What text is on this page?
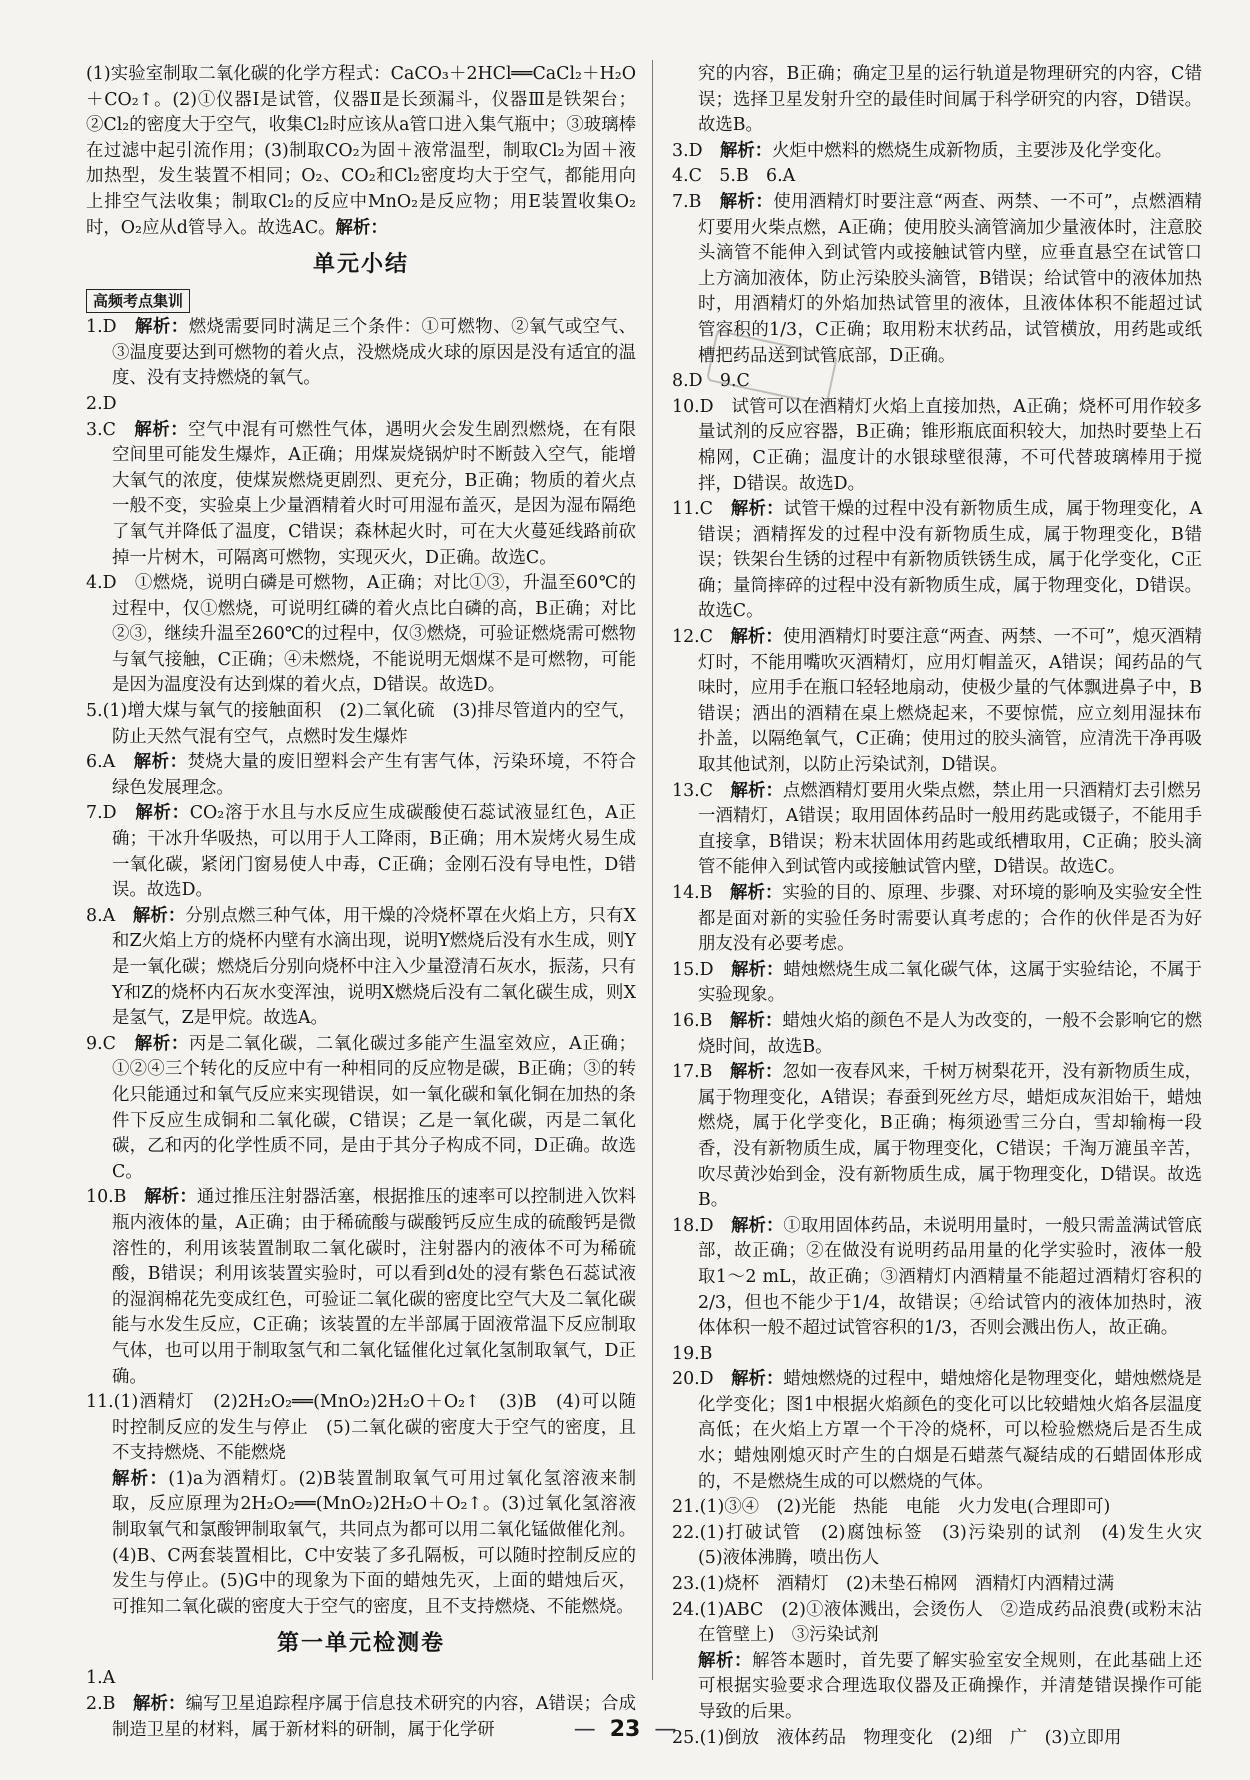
(1)实验室制取二氧化碳的化学方程式：CaCO₃＋2HCl══CaCl₂＋H₂O＋CO₂↑。(2)①仪器Ⅰ是试管，仪器Ⅱ是长颈漏斗，仪器Ⅲ是铁架台；②Cl₂的密度大于空气，收集Cl₂时应该从a管口进入集气瓶中；③玻璃棒在过滤中起引流作用；(3)制取CO₂为固＋液常温型，制取Cl₂为固＋液加热型，发生装置不相同；O₂、CO₂和Cl₂密度均大于空气，都能用向上排空气法收集；制取Cl₂的反应中MnO₂是反应物；用E装置收集O₂时，O₂应从d管导入。故选AC。解析：

单元小结
高频考点集训

1.D　解析：燃烧需要同时满足三个条件：①可燃物、②氧气或空气、③温度要达到可燃物的着火点，没燃烧成火球的原因是没有适宜的温度、没有支持燃烧的氧气。

2.D

3.C　解析：空气中混有可燃性气体，遇明火会发生剧烈燃烧，在有限空间里可能发生爆炸，A正确；用煤炭烧锅炉时不断鼓入空气，能增大氧气的浓度，使煤炭燃烧更剧烈、更充分，B正确；物质的着火点一般不变，实验桌上少量酒精着火时可用湿布盖灭，是因为湿布隔绝了氧气并降低了温度，C错误；森林起火时，可在大火蔓延线路前砍掉一片树木，可隔离可燃物，实现灭火，D正确。故选C。

4.D　①燃烧，说明白磷是可燃物，A正确；对比①③，升温至60℃的过程中，仅①燃烧，可说明红磷的着火点比白磷的高，B正确；对比②③，继续升温至260℃的过程中，仅③燃烧，可验证燃烧需可燃物与氧气接触，C正确；④未燃烧，不能说明无烟煤不是可燃物，可能是因为温度没有达到煤的着火点，D错误。故选D。

5.(1)增大煤与氧气的接触面积　(2)二氧化硫　(3)排尽管道内的空气，防止天然气混有空气，点燃时发生爆炸

6.A　解析：焚烧大量的废旧塑料会产生有害气体，污染环境，不符合绿色发展理念。

7.D　解析：CO₂溶于水且与水反应生成碳酸使石蕊试液显红色，A正确；干冰升华吸热，可以用于人工降雨，B正确；用木炭烤火易生成一氧化碳，紧闭门窗易使人中毒，C正确；金刚石没有导电性，D错误。故选D。

8.A　解析：分别点燃三种气体，用干燥的冷烧杯罩在火焰上方，只有X和Z火焰上方的烧杯内壁有水滴出现，说明Y燃烧后没有水生成，则Y是一氧化碳；燃烧后分别向烧杯中注入少量澄清石灰水，振荡，只有Y和Z的烧杯内石灰水变浑浊，说明X燃烧后没有二氧化碳生成，则X是氢气，Z是甲烷。故选A。

9.C　解析：丙是二氧化碳，二氧化碳过多能产生温室效应，A正确；①②④三个转化的反应中有一种相同的反应物是碳，B正确；③的转化只能通过和氧气反应来实现错误，如一氧化碳和氧化铜在加热的条件下反应生成铜和二氧化碳，C错误；乙是一氧化碳，丙是二氧化碳，乙和丙的化学性质不同，是由于其分子构成不同，D正确。故选C。

10.B　解析：通过推压注射器活塞，根据推压的速率可以控制进入饮料瓶内液体的量，A正确；由于稀硫酸与碳酸钙反应生成的硫酸钙是微溶性的，利用该装置制取二氧化碳时，注射器内的液体不可为稀硫酸，B错误；利用该装置实验时，可以看到d处的浸有紫色石蕊试液的湿润棉花先变成红色，可验证二氧化碳的密度比空气大及二氧化碳能与水发生反应，C正确；该装置的左半部属于固液常温下反应制取气体，也可以用于制取氢气和二氧化锰催化过氧化氢制取氧气，D正确。

11.(1)酒精灯　(2)2H₂O₂══(MnO₂)2H₂O＋O₂↑　(3)B　(4)可以随时控制反应的发生与停止　(5)二氧化碳的密度大于空气的密度，且不支持燃烧、不能燃烧

解析：(1)a为酒精灯。(2)B装置制取氧气可用过氧化氢溶液来制取，反应原理为2H₂O₂══(MnO₂)2H₂O＋O₂↑。(3)过氧化氢溶液制取氧气和氯酸钾制取氧气，共同点为都可以用二氧化锰做催化剂。(4)B、C两套装置相比，C中安装了多孔隔板，可以随时控制反应的发生与停止。(5)G中的现象为下面的蜡烛先灭，上面的蜡烛后灭，可推知二氧化碳的密度大于空气的密度，且不支持燃烧、不能燃烧。

第一单元检测卷

1.A

2.B　解析：编写卫星追踪程序属于信息技术研究的内容，A错误；合成制造卫星的材料，属于新材料的研制，属于化学研

究的内容，B正确；确定卫星的运行轨道是物理研究的内容，C错误；选择卫星发射升空的最佳时间属于科学研究的内容，D错误。故选B。

3.D　解析：火炬中燃料的燃烧生成新物质，主要涉及化学变化。

4.C　5.B　6.A

7.B　解析：使用酒精灯时要注意“两查、两禁、一不可”，点燃酒精灯要用火柴点燃，A正确；使用胶头滴管滴加少量液体时，注意胶头滴管不能伸入到试管内或接触试管内壁，应垂直悬空在试管口上方滴加液体，防止污染胶头滴管，B错误；给试管中的液体加热时，用酒精灯的外焰加热试管里的液体，且液体体积不能超过试管容积的1/3，C正确；取用粉末状药品，试管横放，用药匙或纸槽把药品送到试管底部，D正确。

8.D　9.C

10.D　试管可以在酒精灯火焰上直接加热，A正确；烧杯可用作较多量试剂的反应容器，B正确；锥形瓶底面积较大，加热时要垫上石棉网，C正确；温度计的水银球壁很薄，不可代替玻璃棒用于搅拌，D错误。故选D。

11.C　解析：试管干燥的过程中没有新物质生成，属于物理变化，A错误；酒精挥发的过程中没有新物质生成，属于物理变化，B错误；铁架台生锈的过程中有新物质铁锈生成，属于化学变化，C正确；量筒摔碎的过程中没有新物质生成，属于物理变化，D错误。故选C。

12.C　解析：使用酒精灯时要注意“两查、两禁、一不可”，熄灭酒精灯时，不能用嘴吹灭酒精灯，应用灯帽盖灭，A错误；闻药品的气味时，应用手在瓶口轻轻地扇动，使极少量的气体飘进鼻子中，B错误；洒出的酒精在桌上燃烧起来，不要惊慌，应立刻用湿抹布扑盖，以隔绝氧气，C正确；使用过的胶头滴管，应清洗干净再吸取其他试剂，以防止污染试剂，D错误。

13.C　解析：点燃酒精灯要用火柴点燃，禁止用一只酒精灯去引燃另一酒精灯，A错误；取用固体药品时一般用药匙或镊子，不能用手直接拿，B错误；粉末状固体用药匙或纸槽取用，C正确；胶头滴管不能伸入到试管内或接触试管内壁，D错误。故选C。

14.B　解析：实验的目的、原理、步骤、对环境的影响及实验安全性都是面对新的实验任务时需要认真考虑的；合作的伙伴是否为好朋友没有必要考虑。

15.D　解析：蜡烛燃烧生成二氧化碳气体，这属于实验结论，不属于实验现象。

16.B　解析：蜡烛火焰的颜色不是人为改变的，一般不会影响它的燃烧时间，故选B。

17.B　解析：忽如一夜春风来，千树万树梨花开，没有新物质生成，属于物理变化，A错误；春蚕到死丝方尽，蜡炬成灰泪始干，蜡烛燃烧，属于化学变化，B正确；梅须逊雪三分白，雪却输梅一段香，没有新物质生成，属于物理变化，C错误；千淘万漉虽辛苦，吹尽黄沙始到金，没有新物质生成，属于物理变化，D错误。故选B。

18.D　解析：①取用固体药品，未说明用量时，一般只需盖满试管底部，故正确；②在做没有说明药品用量的化学实验时，液体一般取1～2 mL，故正确；③酒精灯内酒精量不能超过酒精灯容积的2/3，但也不能少于1/4，故错误；④给试管内的液体加热时，液体体积一般不超过试管容积的1/3，否则会溅出伤人，故正确。

19.B

20.D　解析：蜡烛燃烧的过程中，蜡烛熔化是物理变化，蜡烛燃烧是化学变化；图1中根据火焰颜色的变化可以比较蜡烛火焰各层温度高低；在火焰上方罩一个干冷的烧杯，可以检验燃烧后是否生成水；蜡烛刚熄灭时产生的白烟是石蜡蒸气凝结成的石蜡固体形成的，不是燃烧生成的可以燃烧的气体。

21.(1)③④　(2)光能　热能　电能　火力发电(合理即可)

22.(1)打破试管　(2)腐蚀标签　(3)污染别的试剂　(4)发生火灾　(5)液体沸腾，喷出伤人

23.(1)烧杯　酒精灯　(2)未垫石棉网　酒精灯内酒精过满

24.(1)ABC　(2)①液体溅出，会烫伤人　②造成药品浪费(或粉末沾在管壁上)　③污染试剂

解析：解答本题时，首先要了解实验室安全规则，在此基础上还可根据实验要求合理选取仪器及正确操作，并清楚错误操作可能导致的后果。

25.(1)倒放　液体药品　物理变化　(2)细　广　(3)立即用

— 23 —
